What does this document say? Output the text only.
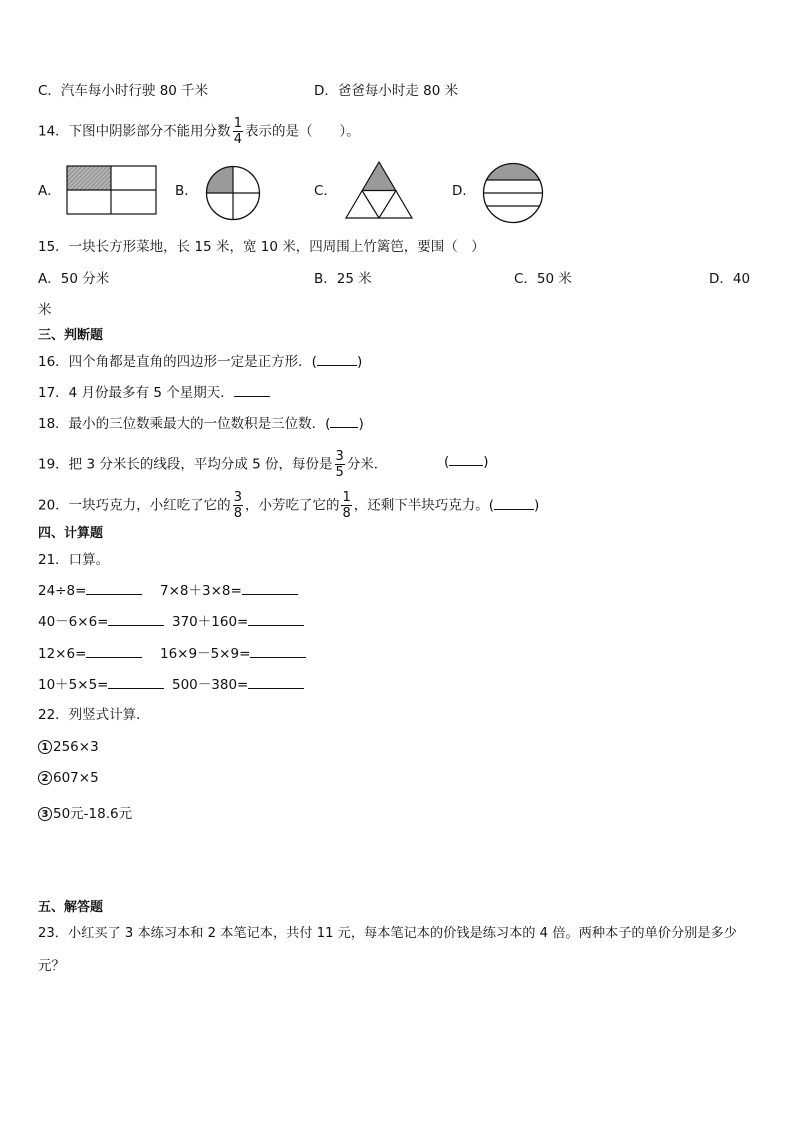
C．汽车每小时行驶 80 千米	D．爸爸每小时走 80 米
14．下图中阴影部分不能用分数 $\frac{1}{4}$ 表示的是（　　）。
A．	B．	C．	D．
15．一块长方形菜地，长 15 米，宽 10 米，四周围上竹篱笆，要围（　）
A．50 分米	B．25 米	C．50 米	D．40
米
三、判断题
16．四个角都是直角的四边形一定是正方形．(	)
17．4 月份最多有 5 个星期天．
18．最小的三位数乘最大的一位数积是三位数．( )
19．把 3 分米长的线段，平均分成 5 份，每份是 $\frac{3}{5}$ 分米．	(	)
20．一块巧克力，小红吃了它的 $\frac{3}{8}$ ，小芳吃了它的 $\frac{1}{8}$ ，还剩下半块巧克力。(	)
四、计算题
21．口算。
24÷8=	7×8＋3×8=
40－6×6=	370＋160=
12×6=	16×9－5×9=
10＋5×5=	500－380=
22．列竖式计算．
1 256×3
2 607×5
3 50元-18.6元
五、解答题
23．小红买了 3 本练习本和 2 本笔记本，共付 11 元，每本笔记本的价钱是练习本的 4 倍。两种本子的单价分别是多少
元？
